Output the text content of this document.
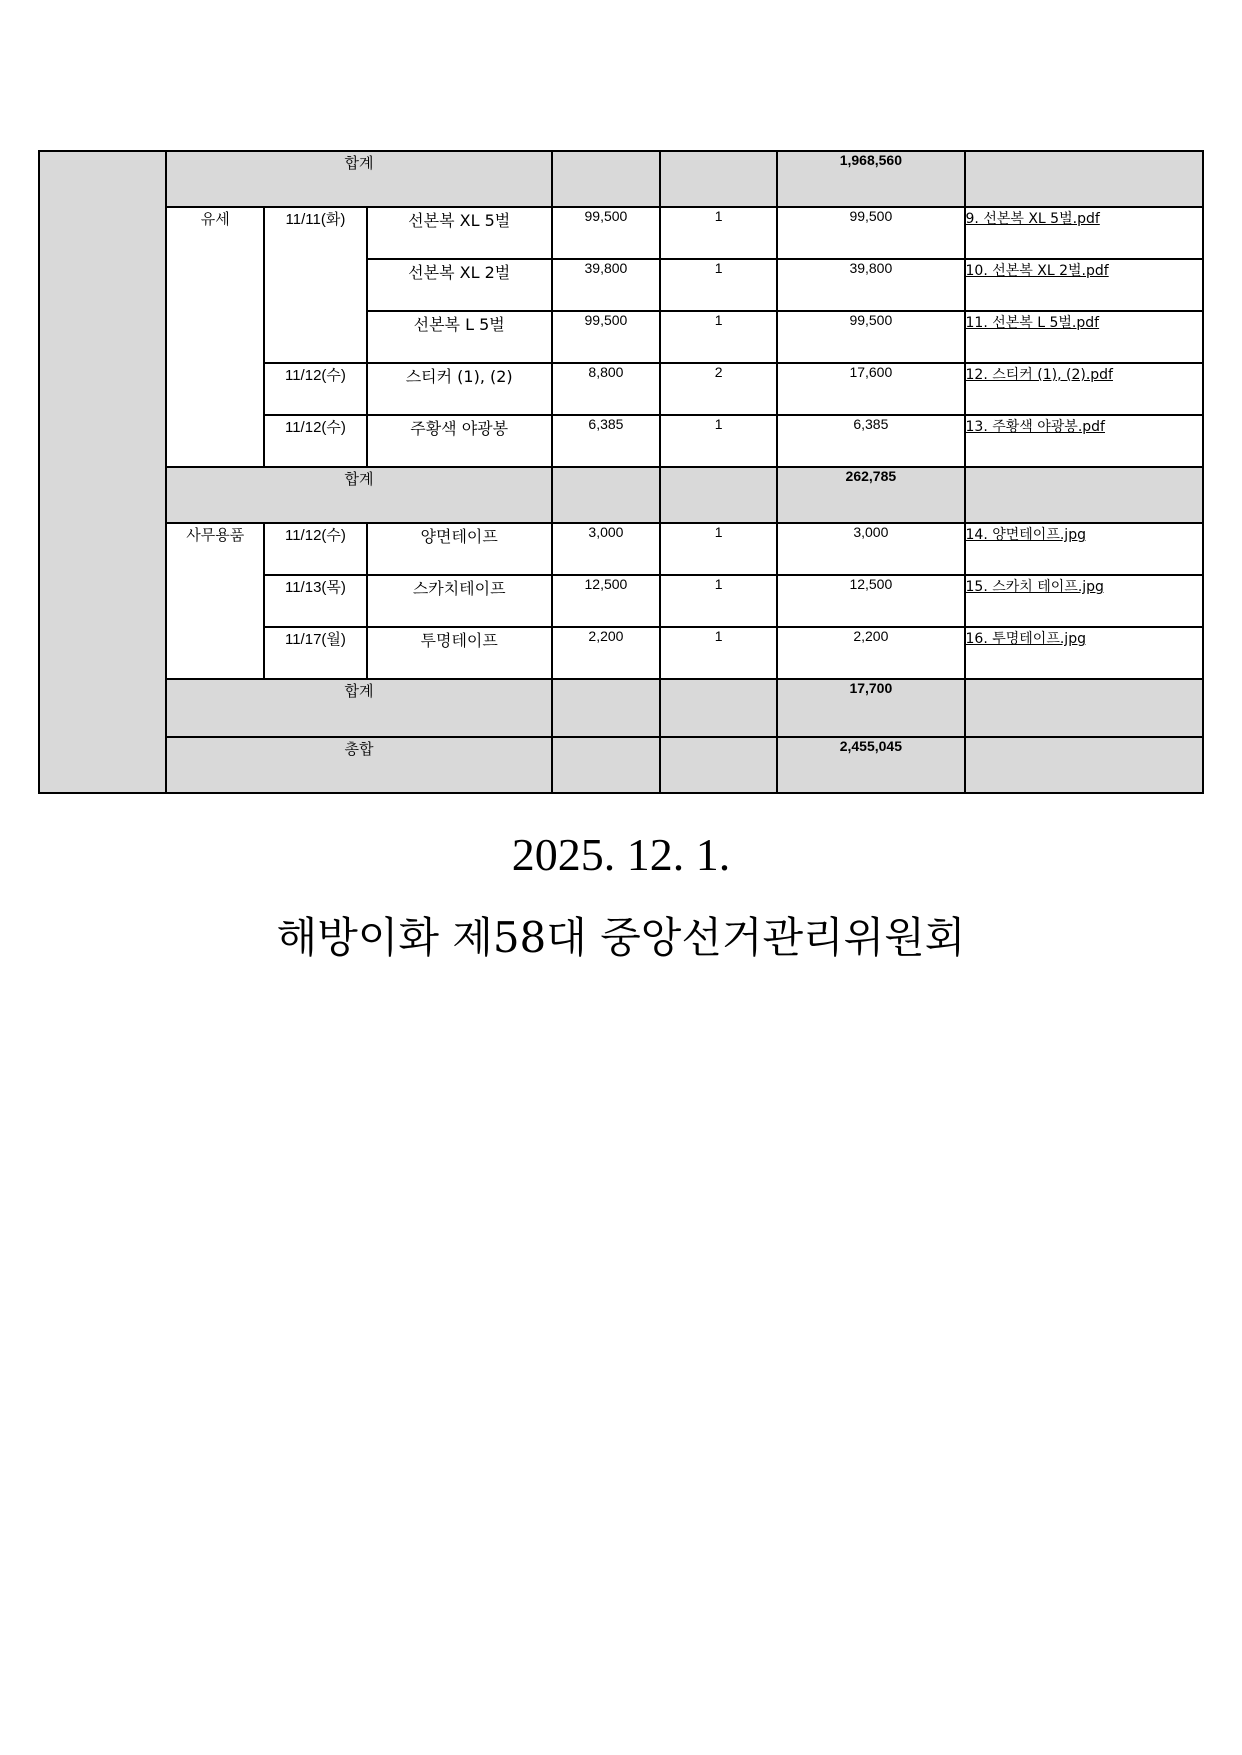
	합계					1,968,560	
	유세	11/11(화)	선본복 XL 5벌	99,500	1	99,500	9. 선본복 XL 5벌.pdf
			선본복 XL 2벌	39,800	1	39,800	10. 선본복 XL 2벌.pdf
			선본복 L 5벌	99,500	1	99,500	11. 선본복 L 5벌.pdf
		11/12(수)	스티커 (1), (2)	8,800	2	17,600	12. 스티커 (1), (2).pdf
		11/12(수)	주황색 야광봉	6,385	1	6,385	13. 주황색 야광봉.pdf
	합계					262,785	
	사무용품	11/12(수)	양면테이프	3,000	1	3,000	14. 양면테이프.jpg
		11/13(목)	스카치테이프	12,500	1	12,500	15. 스카치 테이프.jpg
		11/17(월)	투명테이프	2,200	1	2,200	16. 투명테이프.jpg
	합계					17,700	
	총합					2,455,045	
2025. 12. 1.
해방이화 제58대 중앙선거관리위원회
